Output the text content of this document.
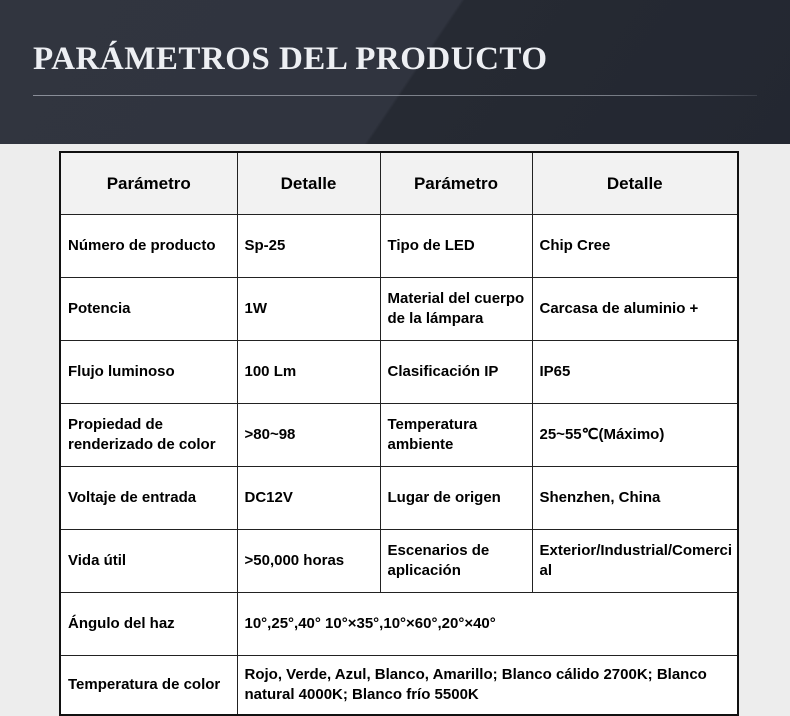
PARÁMETROS DEL PRODUCTO
Parámetro	Detalle	Parámetro	Detalle
Número de producto	Sp-25	Tipo de LED	Chip Cree
Potencia	1W	Material del cuerpo de la lámpara	Carcasa de aluminio +
Flujo luminoso	100 Lm	Clasificación IP	IP65
Propiedad de renderizado de color	>80~98	Temperatura ambiente	25~55℃(Máximo)
Voltaje de entrada	DC12V	Lugar de origen	Shenzhen, China
Vida útil	>50,000 horas	Escenarios de aplicación	Exterior/Industrial/Comercial
Ángulo del haz	10°,25°,40° 10°×35°,10°×60°,20°×40°		
Temperatura de color	Rojo, Verde, Azul, Blanco, Amarillo; Blanco cálido 2700K; Blanco natural 4000K; Blanco frío 5500K		
